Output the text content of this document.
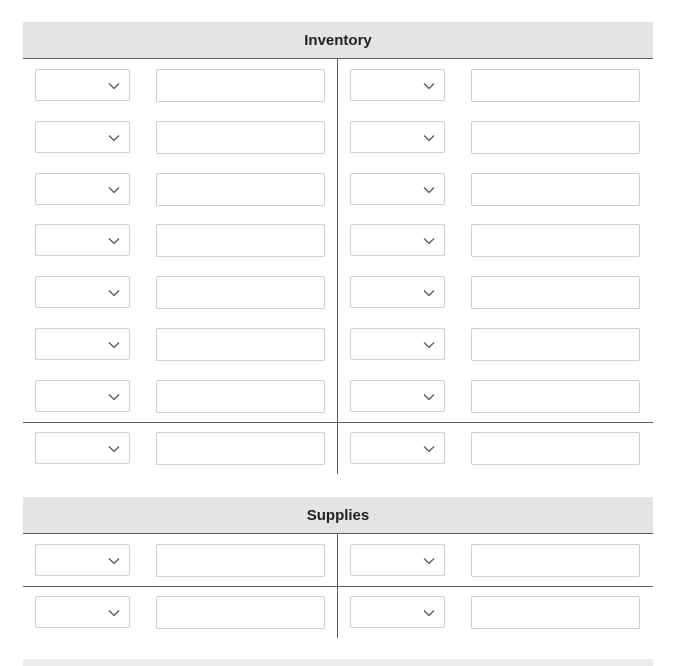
Inventory
Supplies
